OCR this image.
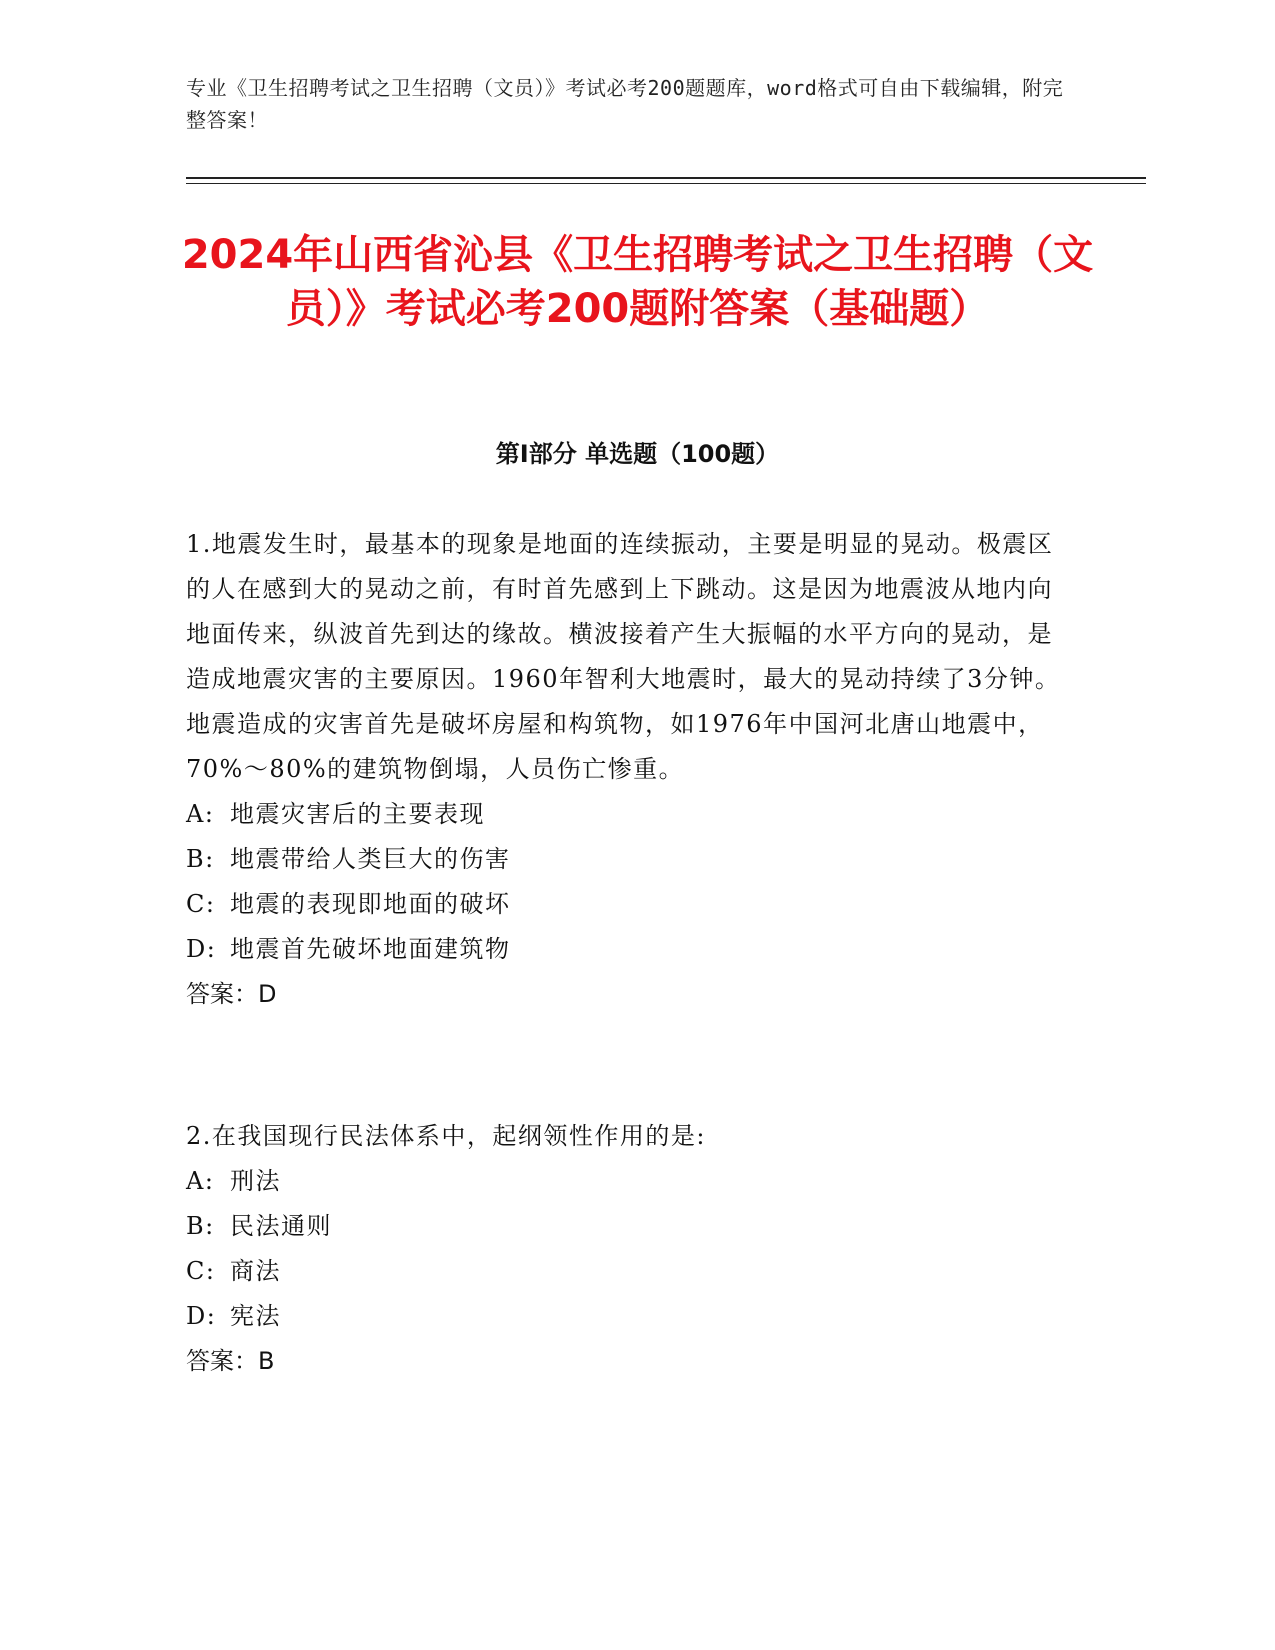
专业《卫生招聘考试之卫生招聘（文员）》考试必考200题题库，word格式可自由下载编辑，附完整答案！
2024年山西省沁县《卫生招聘考试之卫生招聘（文员）》考试必考200题附答案（基础题）
第Ⅰ部分 单选题（100题）

1.地震发生时，最基本的现象是地面的连续振动，主要是明显的晃动。极震区的人在感到大的晃动之前，有时首先感到上下跳动。这是因为地震波从地内向地面传来，纵波首先到达的缘故。横波接着产生大振幅的水平方向的晃动，是造成地震灾害的主要原因。1960年智利大地震时，最大的晃动持续了3分钟。地震造成的灾害首先是破坏房屋和构筑物，如1976年中国河北唐山地震中，70%～80%的建筑物倒塌，人员伤亡惨重。

A: 地震灾害后的主要表现

B: 地震带给人类巨大的伤害

C: 地震的表现即地面的破坏

D: 地震首先破坏地面建筑物

答案：D

2.在我国现行民法体系中，起纲领性作用的是:

A: 刑法

B: 民法通则

C: 商法

D: 宪法

答案：B
